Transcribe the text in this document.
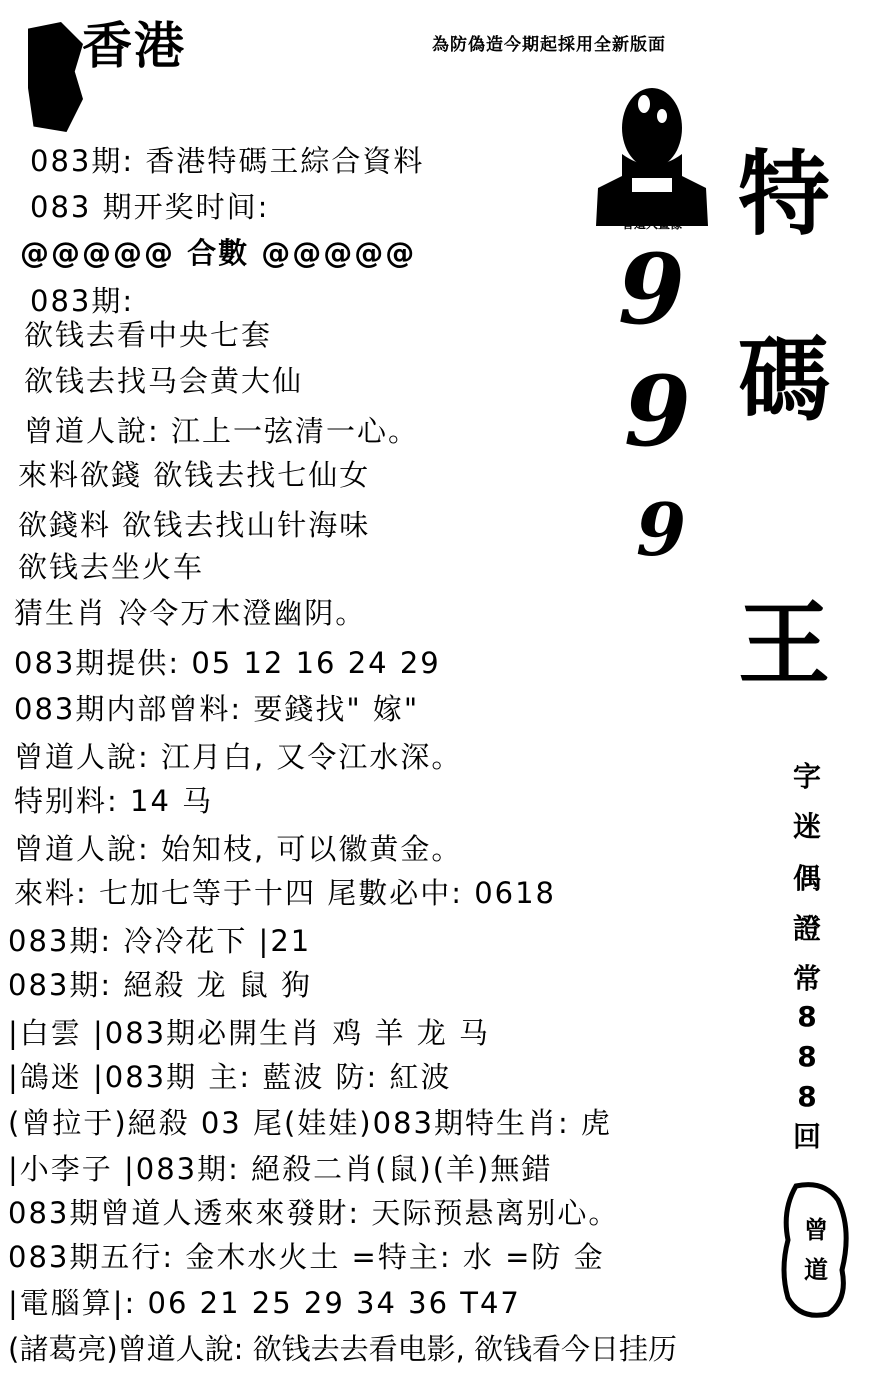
香港	為防偽造今期起採用全新版面
曾道人畫像
9
9
9
特
碼
王
字
迷
偶
證
常
8
8
8
回
曾
道
083期: 香港特碼王綜合資料
083 期开奖时间:
@@@@@ 合數 @@@@@
083期:
欲钱去看中央七套
欲钱去找马会黄大仙
曾道人說: 江上一弦清一心。
來料欲錢 欲钱去找七仙女
欲錢料 欲钱去找山针海味
欲钱去坐火车
猜生肖 冷令万木澄幽阴。
083期提供: 05 12 16 24 29
083期内部曾料: 要錢找" 嫁"
曾道人說: 江月白, 又令江水深。
特别料: 14 马
曾道人說: 始知枝, 可以徽黄金。
來料: 七加七等于十四 尾數必中: 0618
083期: 冷冷花下 |21
083期: 絕殺 龙 鼠 狗
|白雲 |083期必開生肖 鸡 羊 龙 马
|鴿迷 |083期 主: 藍波 防: 紅波
(曾拉于)絕殺 03 尾(娃娃)083期特生肖: 虎
|小李子 |083期: 絕殺二肖(鼠)(羊)無錯
083期曾道人透來來發財: 天际预悬离别心。
083期五行: 金木水火土 =特主: 水 =防 金
|電腦算|: 06 21 25 29 34 36 T47
(諸葛亮)曾道人說: 欲钱去去看电影, 欲钱看今日挂历
